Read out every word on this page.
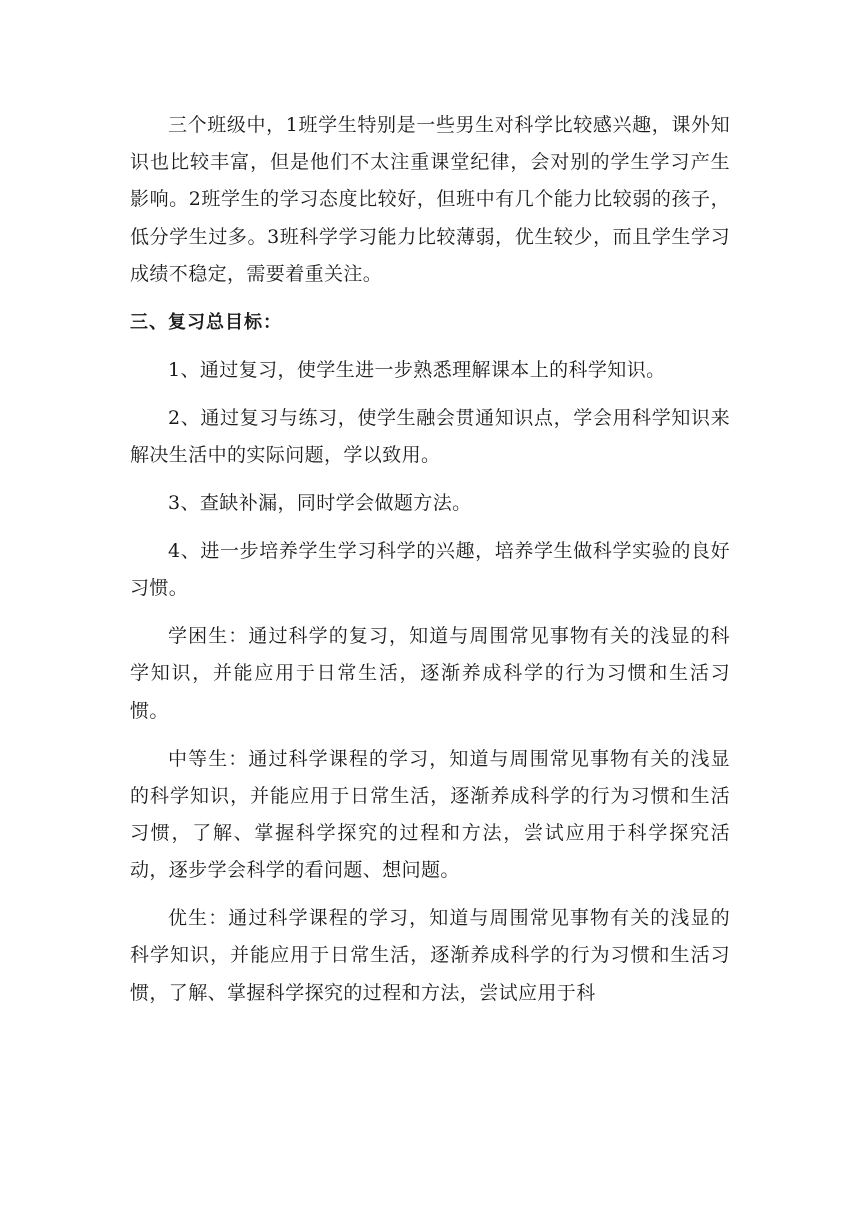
三个班级中，1班学生特别是一些男生对科学比较感兴趣，课外知识也比较丰富，但是他们不太注重课堂纪律，会对别的学生学习产生影响。2班学生的学习态度比较好，但班中有几个能力比较弱的孩子，低分学生过多。3班科学学习能力比较薄弱，优生较少，而且学生学习成绩不稳定，需要着重关注。

三、复习总目标：

1、通过复习，使学生进一步熟悉理解课本上的科学知识。

2、通过复习与练习，使学生融会贯通知识点，学会用科学知识来解决生活中的实际问题，学以致用。

3、查缺补漏，同时学会做题方法。

4、进一步培养学生学习科学的兴趣，培养学生做科学实验的良好习惯。

学困生：通过科学的复习，知道与周围常见事物有关的浅显的科学知识，并能应用于日常生活，逐渐养成科学的行为习惯和生活习惯。

中等生：通过科学课程的学习，知道与周围常见事物有关的浅显的科学知识，并能应用于日常生活，逐渐养成科学的行为习惯和生活习惯，了解、掌握科学探究的过程和方法，尝试应用于科学探究活动，逐步学会科学的看问题、想问题。

优生：通过科学课程的学习，知道与周围常见事物有关的浅显的科学知识，并能应用于日常生活，逐渐养成科学的行为习惯和生活习惯，了解、掌握科学探究的过程和方法，尝试应用于科
